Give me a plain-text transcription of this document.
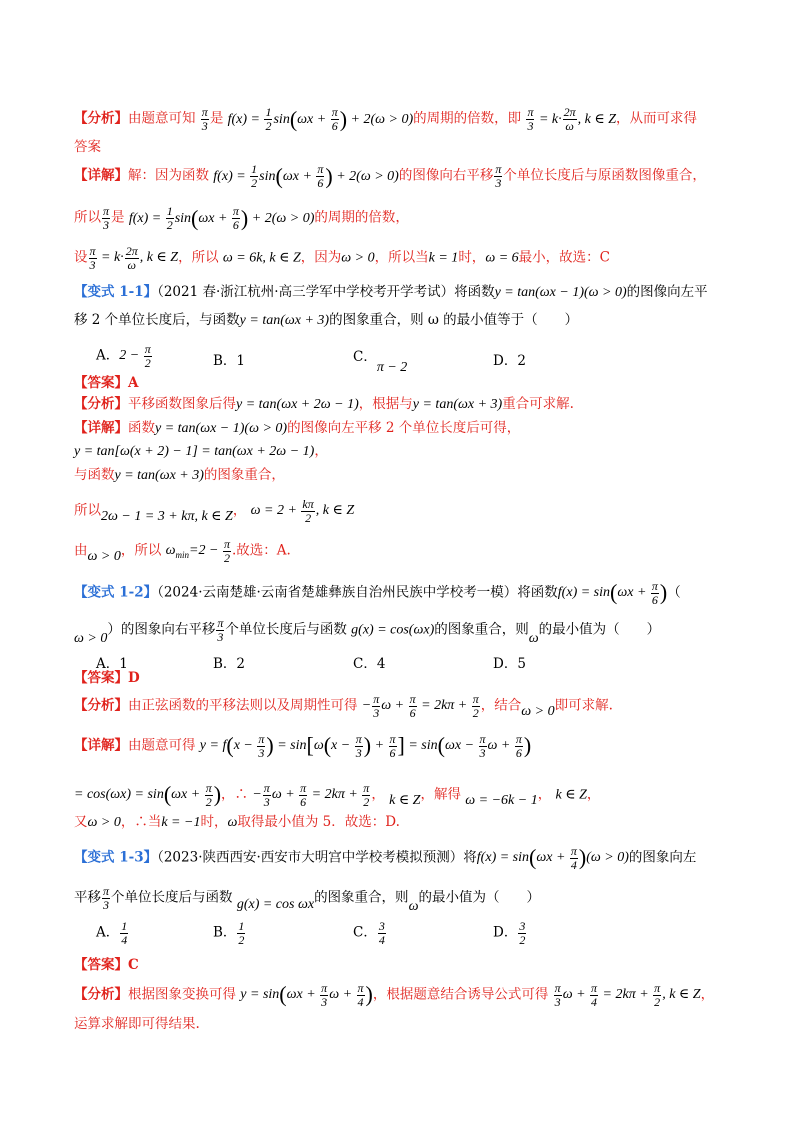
【分析】由题意可知 $\frac{\pi}{3}$ 是 $f(x) = \frac{1}{2} \sin(\omega x + \frac{\pi}{6}$ ) + 2(ω > 0)的周期的倍数，即 $\frac{\pi}{3} = k\cdot \frac{2\pi}{\omega}$ , k ∈ Z，从而可求得
答案
【详解】解：因为函数 $f(x) = \frac{1}{2} \sin(\omega x + \frac{\pi}{6}$ ) + 2(ω > 0)的图像向右平移 $\frac{\pi}{3}$ 个单位长度后与原函数图像重合，
所以 $\frac{\pi}{3}$ 是 $f(x) = \frac{1}{2} \sin(\omega x + \frac{\pi}{6}$ ) + 2(ω > 0)的周期的倍数，
设 $\frac{\pi}{3} = k\cdot \frac{2\pi}{\omega}$ , k ∈ Z，所以 ω = 6k, k ∈ Z，因为ω > 0，所以当k = 1时，ω = 6最小，故选：C
【变式 1-1】（2021 春·浙江杭州·高三学军中学校考开学考试）将函数y = tan(ωx − 1)(ω > 0)的图像向左平
移 2 个单位长度后，与函数y = tan(ωx + 3)的图象重合，则 ω 的最小值等于（　　）
A．$2 - \frac{\pi}{2}$	B．1	C．π − 2	D．2
【答案】A
【分析】平移函数图象后得y = tan(ωx + 2ω − 1)，根据与y = tan(ωx + 3)重合可求解.
【详解】函数y = tan(ωx − 1)(ω > 0)的图像向左平移 2 个单位长度后可得，
y = tan[ω(x + 2) − 1] = tan(ωx + 2ω − 1)，
与函数y = tan(ωx + 3)的图象重合，
所以2ω − 1 = 3 + kπ, k ∈ Z， $\omega = 2 + \frac{k\pi}{2}$ , k ∈ Z
由ω > 0，所以 $\omega_{min}=2 - \frac{\pi}{2}$ .故选：A.
【变式 1-2】（2024·云南楚雄·云南省楚雄彝族自治州民族中学校考一模）将函数$f(x) = \sin(\omega x + \frac{\pi}{6}$ )（
ω > 0）的图象向右平移 $\frac{\pi}{3}$ 个单位长度后与函数 g(x) = cos(ωx)的图象重合，则ω的最小值为（　　）
A．1	B．2	C．4	D．5
【答案】D
【分析】由正弦函数的平移法则以及周期性可得 − $\frac{\pi}{3}$ $\omega + \frac{\pi}{6} = 2k\pi + \frac{\pi}{2}$ ，结合ω > 0即可求解.
【详解】由题意可得 $y = f(x - \frac{\pi}{3}$ ) = $\sin[\omega(x - \frac{\pi}{3}$ ) + $\frac{\pi}{6}$ ] = $\sin(\omega x - \frac{\pi}{3}$ $\omega + \frac{\pi}{6}$ )
= $\cos(\omega x) = \sin(\omega x + \frac{\pi}{2}$ )，∴ − $\frac{\pi}{3}$ $\omega + \frac{\pi}{6} = 2k\pi + \frac{\pi}{2}$ ， k ∈ Z，解得 ω = −6k − 1， k ∈ Z，
又ω > 0，∴当k = −1时，ω取得最小值为 5．故选：D.
【变式 1-3】（2023·陕西西安·西安市大明宫中学校考模拟预测）将$f(x) = \sin(\omega x + \frac{\pi}{4} )(\omega > 0)$的图象向左
平移 $\frac{\pi}{3}$ 个单位长度后与函数 g(x) = cos ωx的图象重合，则ω的最小值为（　　）
A． $\frac{1}{4}$	B． $\frac{1}{2}$	C． $\frac{3}{4}$	D． $\frac{3}{2}$
【答案】C
【分析】根据图象变换可得 $y = \sin(\omega x + \frac{\pi}{3}$ $\omega + \frac{\pi}{4}$ )，根据题意结合诱导公式可得 $\frac{\pi}{3}$ $\omega + \frac{\pi}{4} = 2k\pi + \frac{\pi}{2}$ , k ∈ Z，
运算求解即可得结果.
